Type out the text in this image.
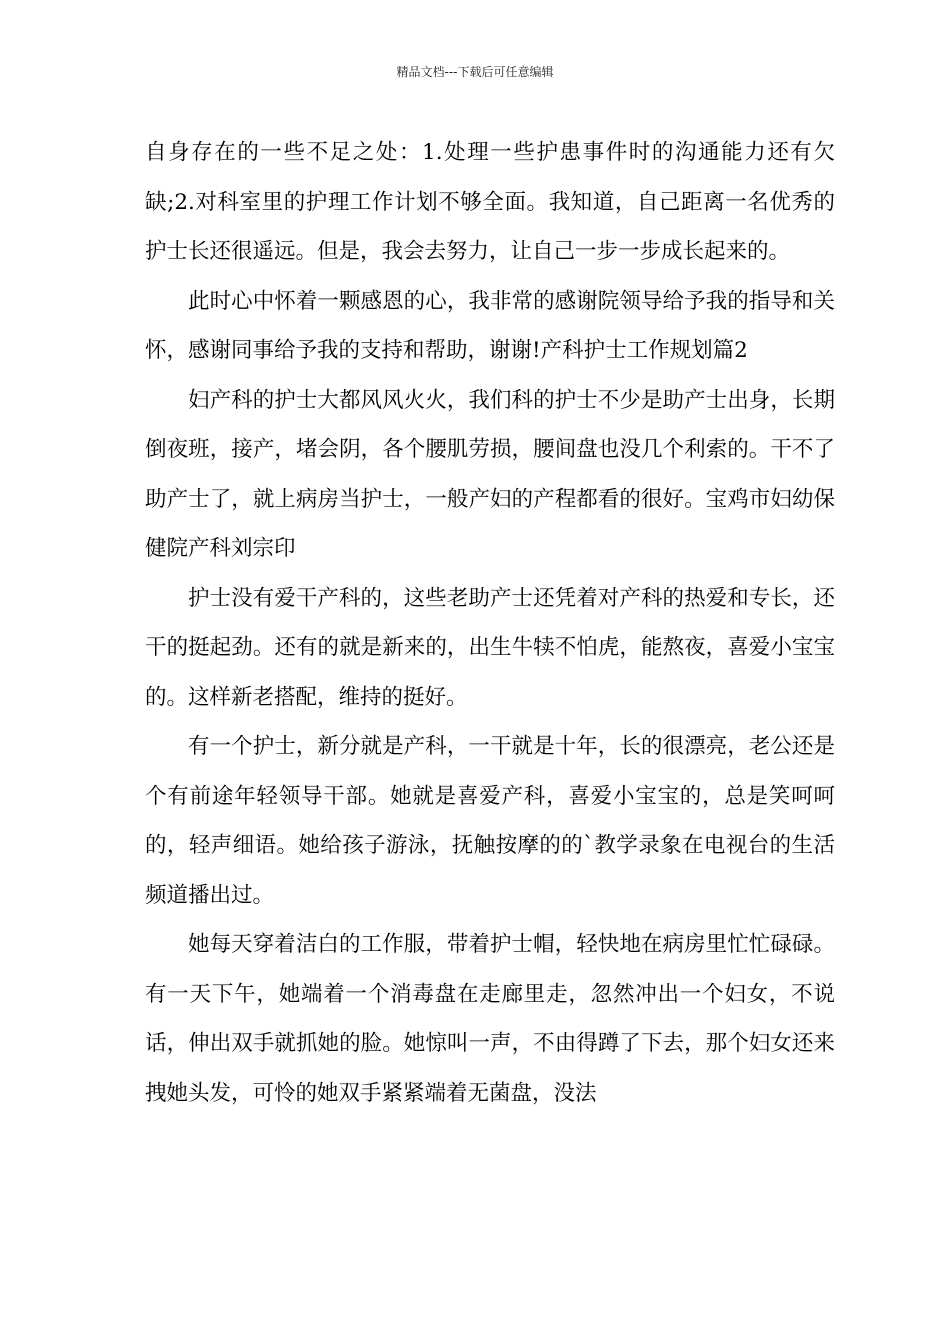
精品文档---下载后可任意编辑

自身存在的一些不足之处：1.处理一些护患事件时的沟通能力还有欠缺;2.对科室里的护理工作计划不够全面。我知道，自己距离一名优秀的护士长还很遥远。但是，我会去努力，让自己一步一步成长起来的。

此时心中怀着一颗感恩的心，我非常的感谢院领导给予我的指导和关怀，感谢同事给予我的支持和帮助，谢谢!产科护士工作规划篇2

妇产科的护士大都风风火火，我们科的护士不少是助产士出身，长期倒夜班，接产，堵会阴，各个腰肌劳损，腰间盘也没几个利索的。干不了助产士了，就上病房当护士，一般产妇的产程都看的很好。宝鸡市妇幼保健院产科刘宗印

护士没有爱干产科的，这些老助产士还凭着对产科的热爱和专长，还干的挺起劲。还有的就是新来的，出生牛犊不怕虎，能熬夜，喜爱小宝宝的。这样新老搭配，维持的挺好。

有一个护士，新分就是产科，一干就是十年，长的很漂亮，老公还是个有前途年轻领导干部。她就是喜爱产科，喜爱小宝宝的，总是笑呵呵的，轻声细语。她给孩子游泳，抚触按摩的的`教学录象在电视台的生活频道播出过。

她每天穿着洁白的工作服，带着护士帽，轻快地在病房里忙忙碌碌。有一天下午，她端着一个消毒盘在走廊里走，忽然冲出一个妇女，不说话，伸出双手就抓她的脸。她惊叫一声，不由得蹲了下去，那个妇女还来拽她头发，可怜的她双手紧紧端着无菌盘，没法
